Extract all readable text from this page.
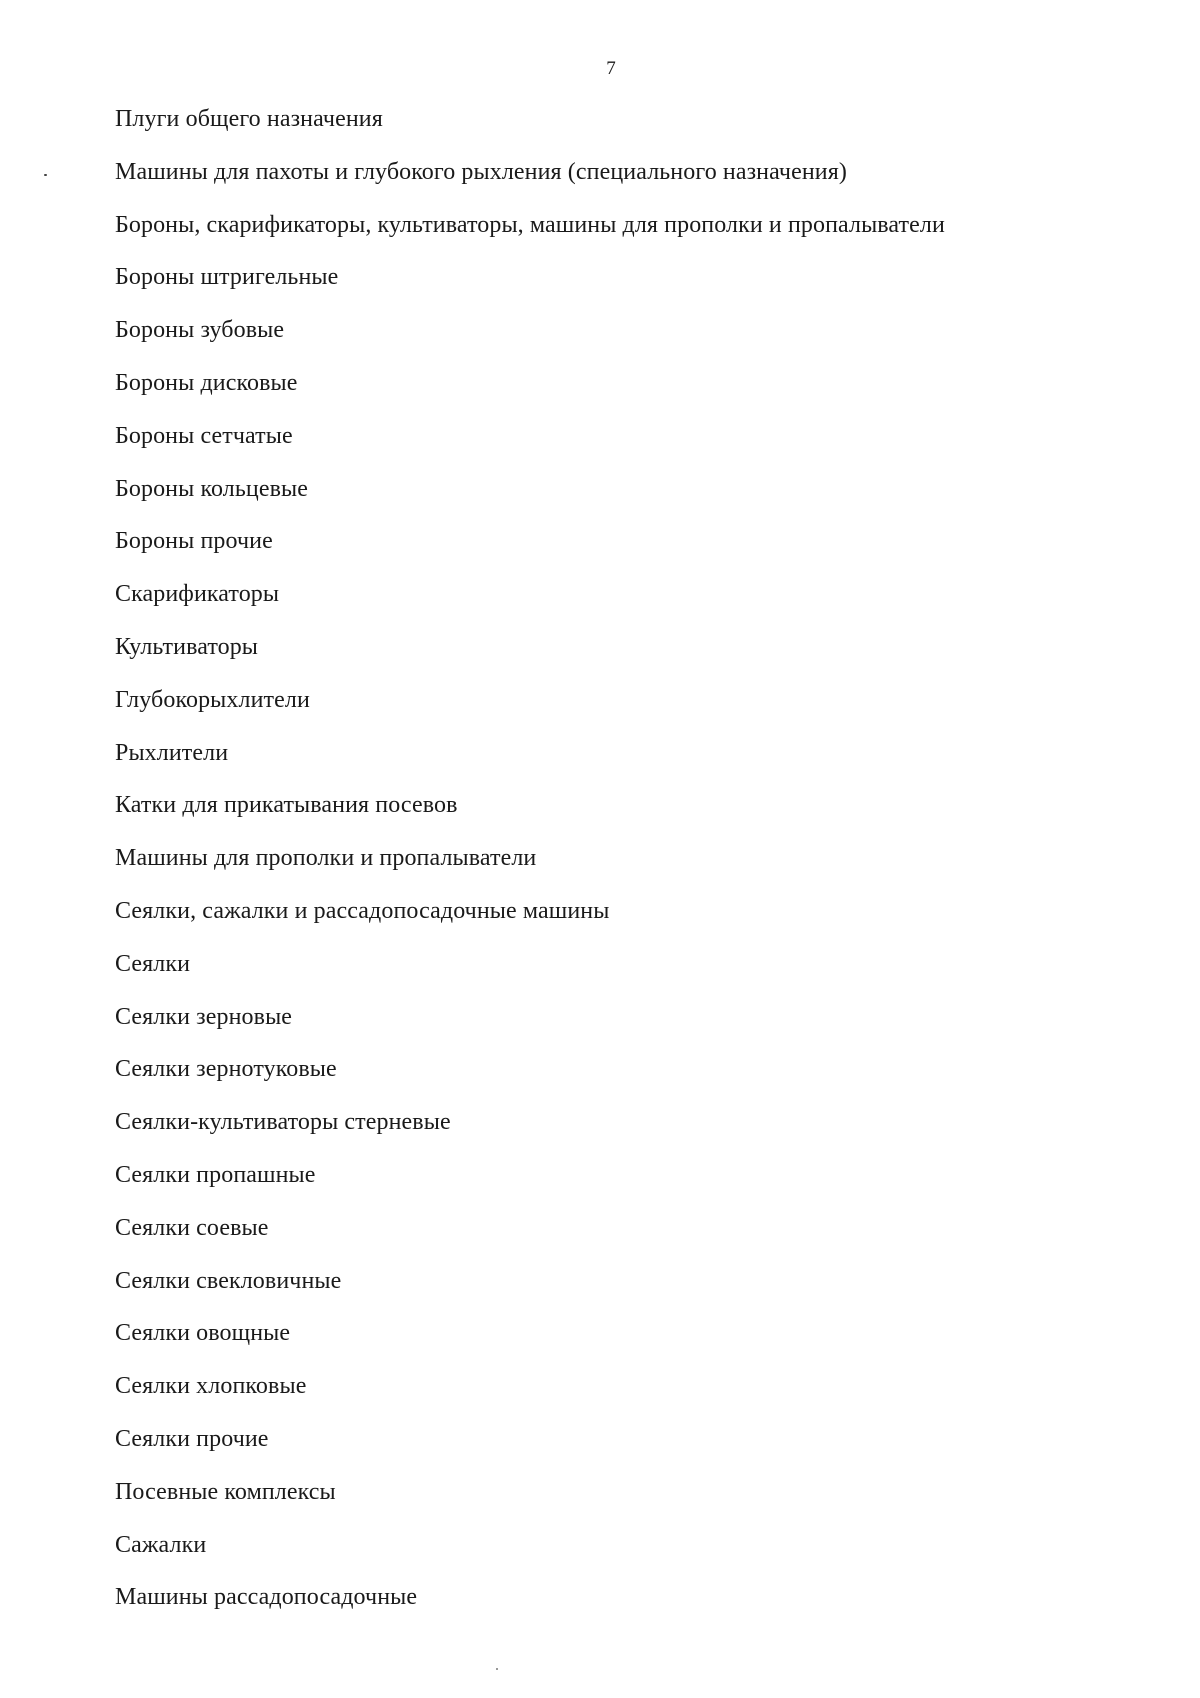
7
Плуги общего назначения
Машины для пахоты и глубокого рыхления (специального назначения)
Бороны, скарификаторы, культиваторы, машины для прополки и пропалыватели
Бороны штригельные
Бороны зубовые
Бороны дисковые
Бороны сетчатые
Бороны кольцевые
Бороны прочие
Скарификаторы
Культиваторы
Глубокорыхлители
Рыхлители
Катки для прикатывания посевов
Машины для прополки и пропалыватели
Сеялки, сажалки и рассадопосадочные машины
Сеялки
Сеялки зерновые
Сеялки зернотуковые
Сеялки-культиваторы стерневые
Сеялки пропашные
Сеялки соевые
Сеялки свекловичные
Сеялки овощные
Сеялки хлопковые
Сеялки прочие
Посевные комплексы
Сажалки
Машины рассадопосадочные
